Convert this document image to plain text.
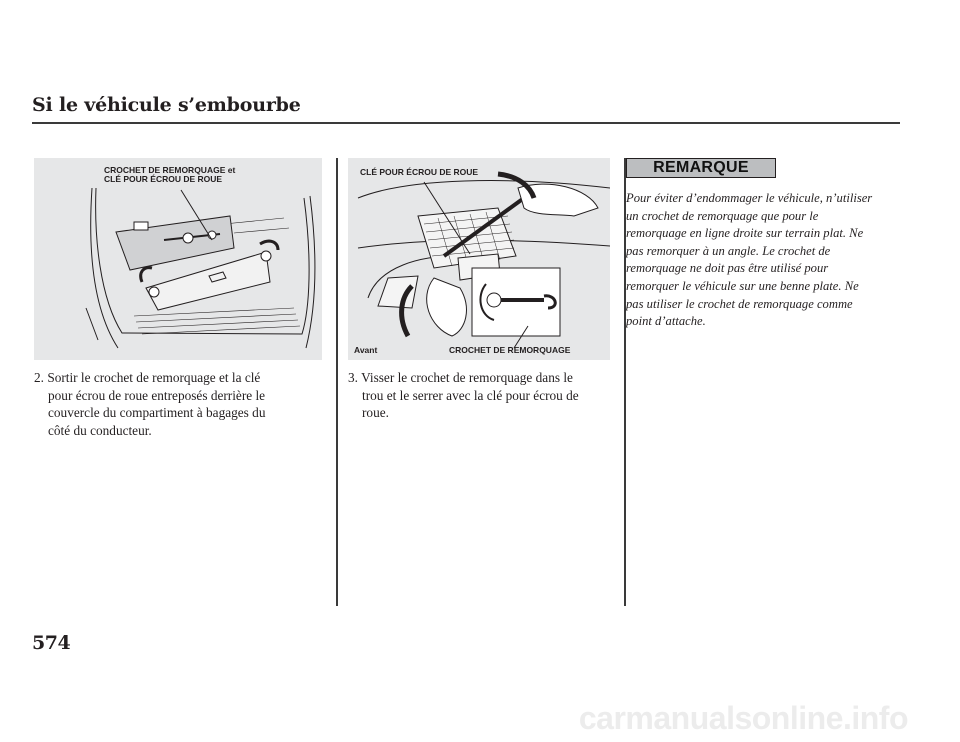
Si le véhicule s’embourbe
CROCHET DE REMORQUAGE et
CLÉ POUR ÉCROU DE ROUE
CLÉ POUR ÉCROU DE ROUE
Avant	CROCHET DE REMORQUAGE
2. Sortir le crochet de remorquage et la clé
pour écrou de roue entreposés derrière le
couvercle du compartiment à bagages du
côté du conducteur.
3. Visser le crochet de remorquage dans le
trou et le serrer avec la clé pour écrou de
roue.
REMARQUE
Pour éviter d’endommager le véhicule, n’utiliser
un crochet de remorquage que pour le
remorquage en ligne droite sur terrain plat. Ne
pas remorquer à un angle. Le crochet de
remorquage ne doit pas être utilisé pour
remorquer le véhicule sur une benne plate. Ne
pas utiliser le crochet de remorquage comme
point d’attache.

574

carmanualsonline.info
